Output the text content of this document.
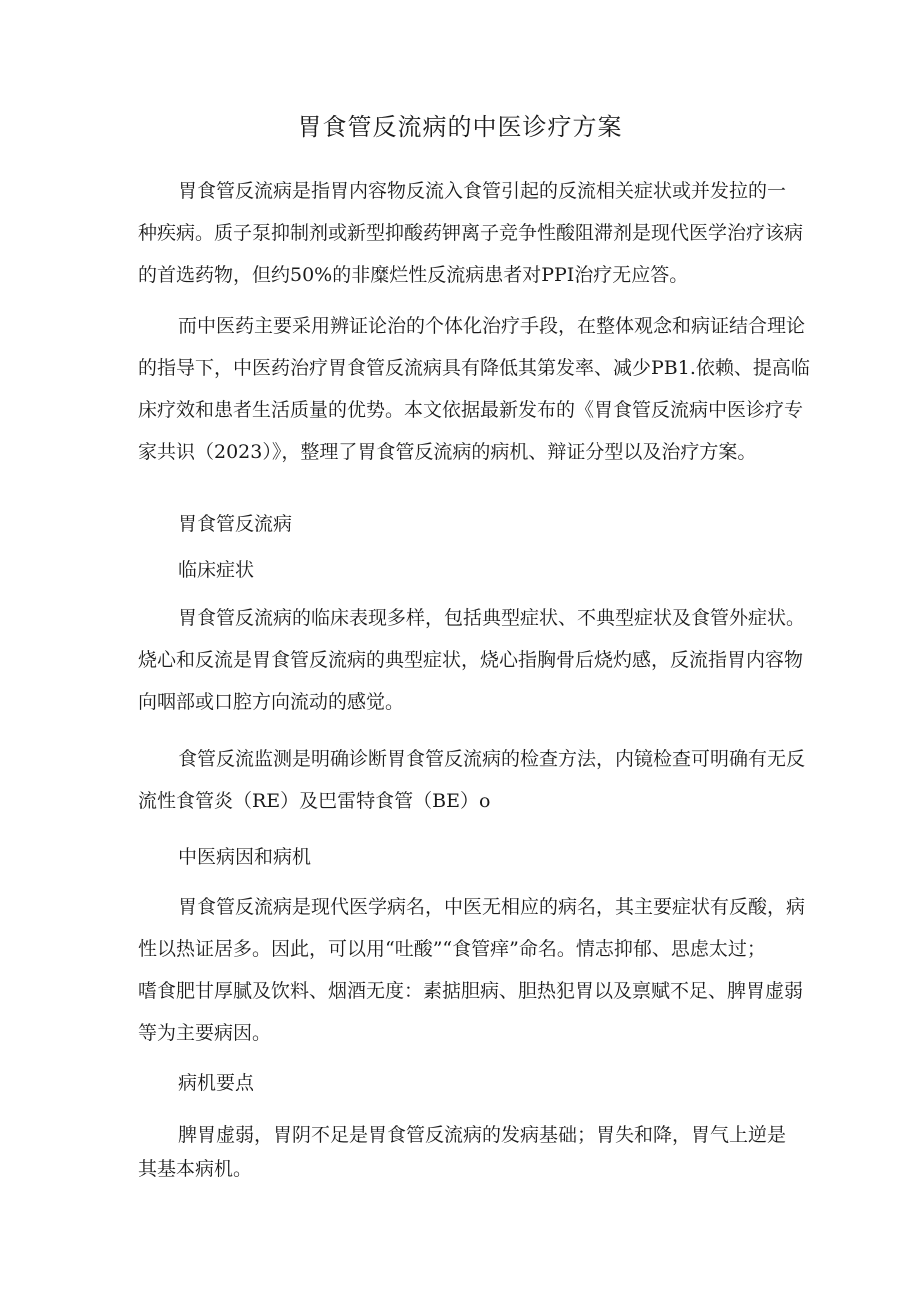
胃食管反流病的中医诊疗方案
胃食管反流病是指胃内容物反流入食管引起的反流相关症状或并发拉的一
种疾病。质子泵抑制剂或新型抑酸药钾离子竞争性酸阻滞剂是现代医学治疗该病
的首选药物，但约50%的非糜烂性反流病患者对PPI治疗无应答。
而中医药主要采用辨证论治的个体化治疗手段，在整体观念和病证结合理论
的指导下，中医药治疗胃食管反流病具有降低其第发率、减少PB1.依赖、提高临
床疗效和患者生活质量的优势。本文依据最新发布的《胃食管反流病中医诊疗专
家共识（2023）》，整理了胃食管反流病的病机、辩证分型以及治疗方案。
胃食管反流病
临床症状
胃食管反流病的临床表现多样，包括典型症状、不典型症状及食管外症状。
烧心和反流是胃食管反流病的典型症状，烧心指胸骨后烧灼感，反流指胃内容物
向咽部或口腔方向流动的感觉。
食管反流监测是明确诊断胃食管反流病的检查方法，内镜检查可明确有无反
流性食管炎（RE）及巴雷特食管（BE）o
中医病因和病机
胃食管反流病是现代医学病名，中医无相应的病名，其主要症状有反酸，病
性以热证居多。因此，可以用“吐酸”“食管痒”命名。情志抑郁、思虑太过；
嗜食肥甘厚腻及饮料、烟酒无度：素掂胆病、胆热犯胃以及禀赋不足、脾胃虚弱
等为主要病因。
病机要点
脾胃虚弱，胃阴不足是胃食管反流病的发病基础；胃失和降，胃气上逆是
其基本病机。
